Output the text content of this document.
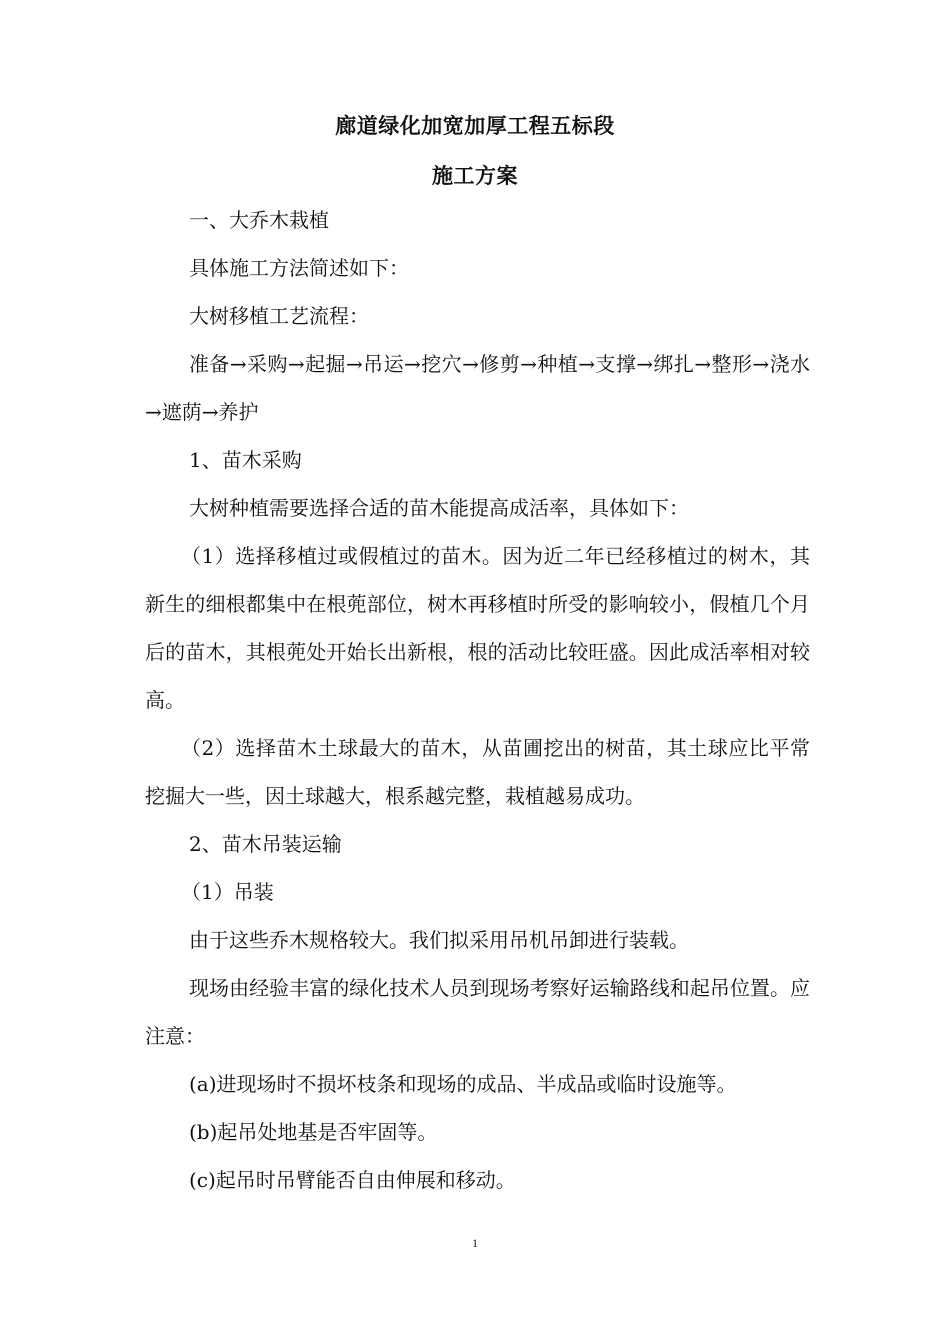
廊道绿化加宽加厚工程五标段
施工方案

一、大乔木栽植

具体施工方法简述如下：

大树移植工艺流程：

准备→采购→起掘→吊运→挖穴→修剪→种植→支撑→绑扎→整形→浇水→遮荫→养护

1、苗木采购

大树种植需要选择合适的苗木能提高成活率，具体如下：

（1）选择移植过或假植过的苗木。因为近二年已经移植过的树木，其新生的细根都集中在根蔸部位，树木再移植时所受的影响较小，假植几个月后的苗木，其根蔸处开始长出新根，根的活动比较旺盛。因此成活率相对较高。

（2）选择苗木土球最大的苗木，从苗圃挖出的树苗，其土球应比平常挖掘大一些，因土球越大，根系越完整，栽植越易成功。

2、苗木吊装运输

（1）吊装

由于这些乔木规格较大。我们拟采用吊机吊卸进行装载。

现场由经验丰富的绿化技术人员到现场考察好运输路线和起吊位置。应注意：

(a)进现场时不损坏枝条和现场的成品、半成品或临时设施等。

(b)起吊处地基是否牢固等。

(c)起吊时吊臂能否自由伸展和移动。

1
